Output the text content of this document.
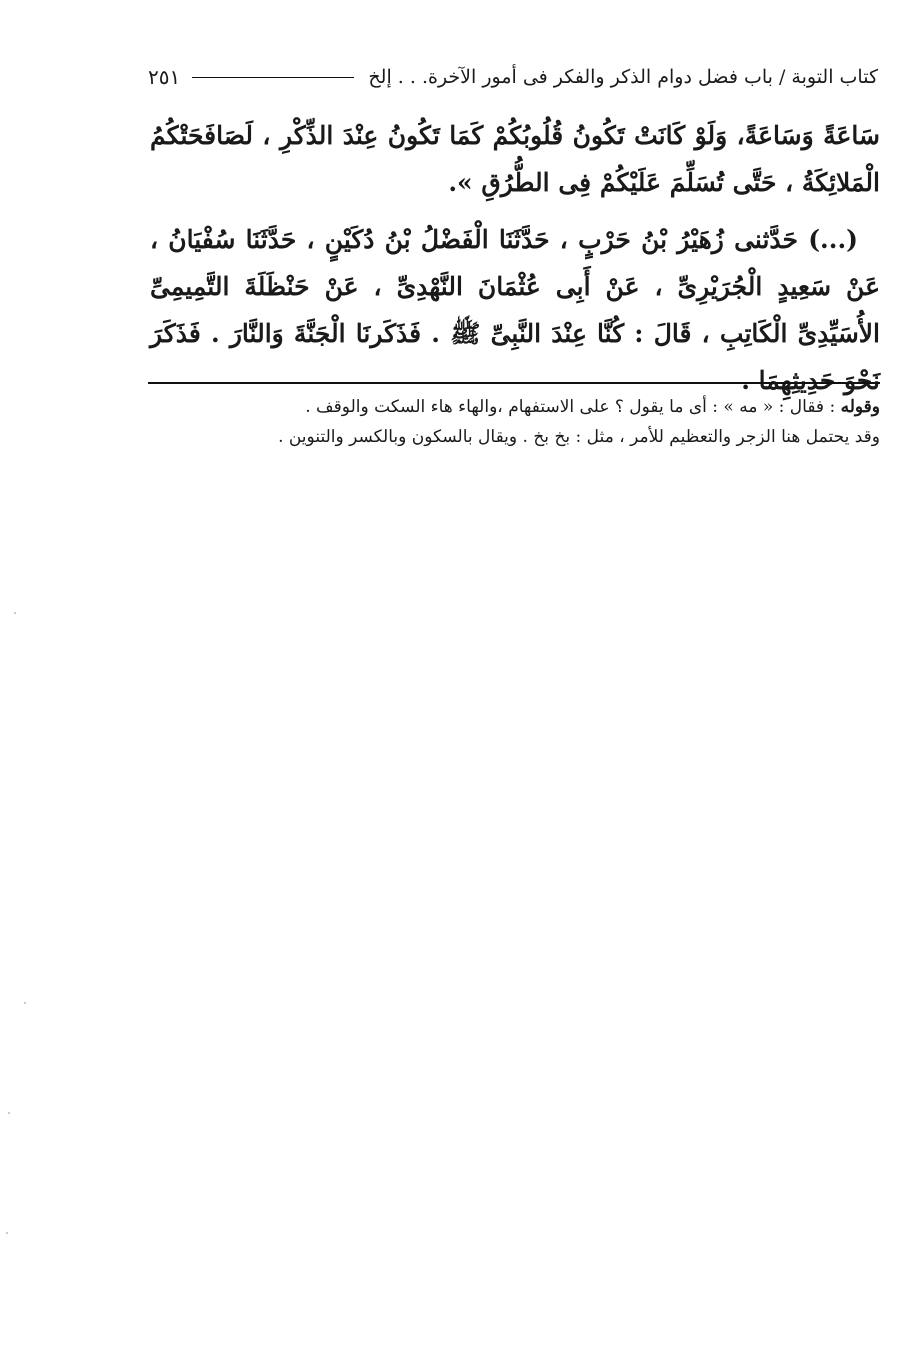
كتاب التوبة / باب فضل دوام الذكر والفكر فى أمور الآخرة. . . إلخ
٢٥١

سَاعَةً وَسَاعَةً، وَلَوْ كَانَتْ تَكُونُ قُلُوبُكُمْ كَمَا تَكُونُ عِنْدَ الذِّكْرِ ، لَصَافَحَتْكُمُ الْمَلائِكَةُ ، حَتَّى تُسَلِّمَ عَلَيْكُمْ فِى الطُّرُقِ ».

(...) حَدَّثنى زُهَيْرُ بْنُ حَرْبٍ ، حَدَّثَنَا الْفَضْلُ بْنُ دُكَيْنٍ ، حَدَّثَنَا سُفْيَانُ ، عَنْ سَعِيدٍ الْجُرَيْرِىِّ ، عَنْ أَبِى عُثْمَانَ النَّهْدِىِّ ، عَنْ حَنْظَلَةَ التَّمِيمِىِّ الأُسَيِّدِىِّ الْكَاتِبِ ، قَالَ : كُنَّا عِنْدَ النَّبِىِّ ﷺ . فَذَكَرنَا الْجَنَّةَ وَالنَّارَ . فَذَكَرَ نَحْوَ حَدِيثِهِمَا .

وقوله : فقال : « مه » : أى ما يقول ؟ على الاستفهام ،والهاء هاء السكت والوقف .

وقد يحتمل هنا الزجر والتعظيم للأمر ، مثل : بخ بخ . ويقال بالسكون وبالكسر والتنوين .
